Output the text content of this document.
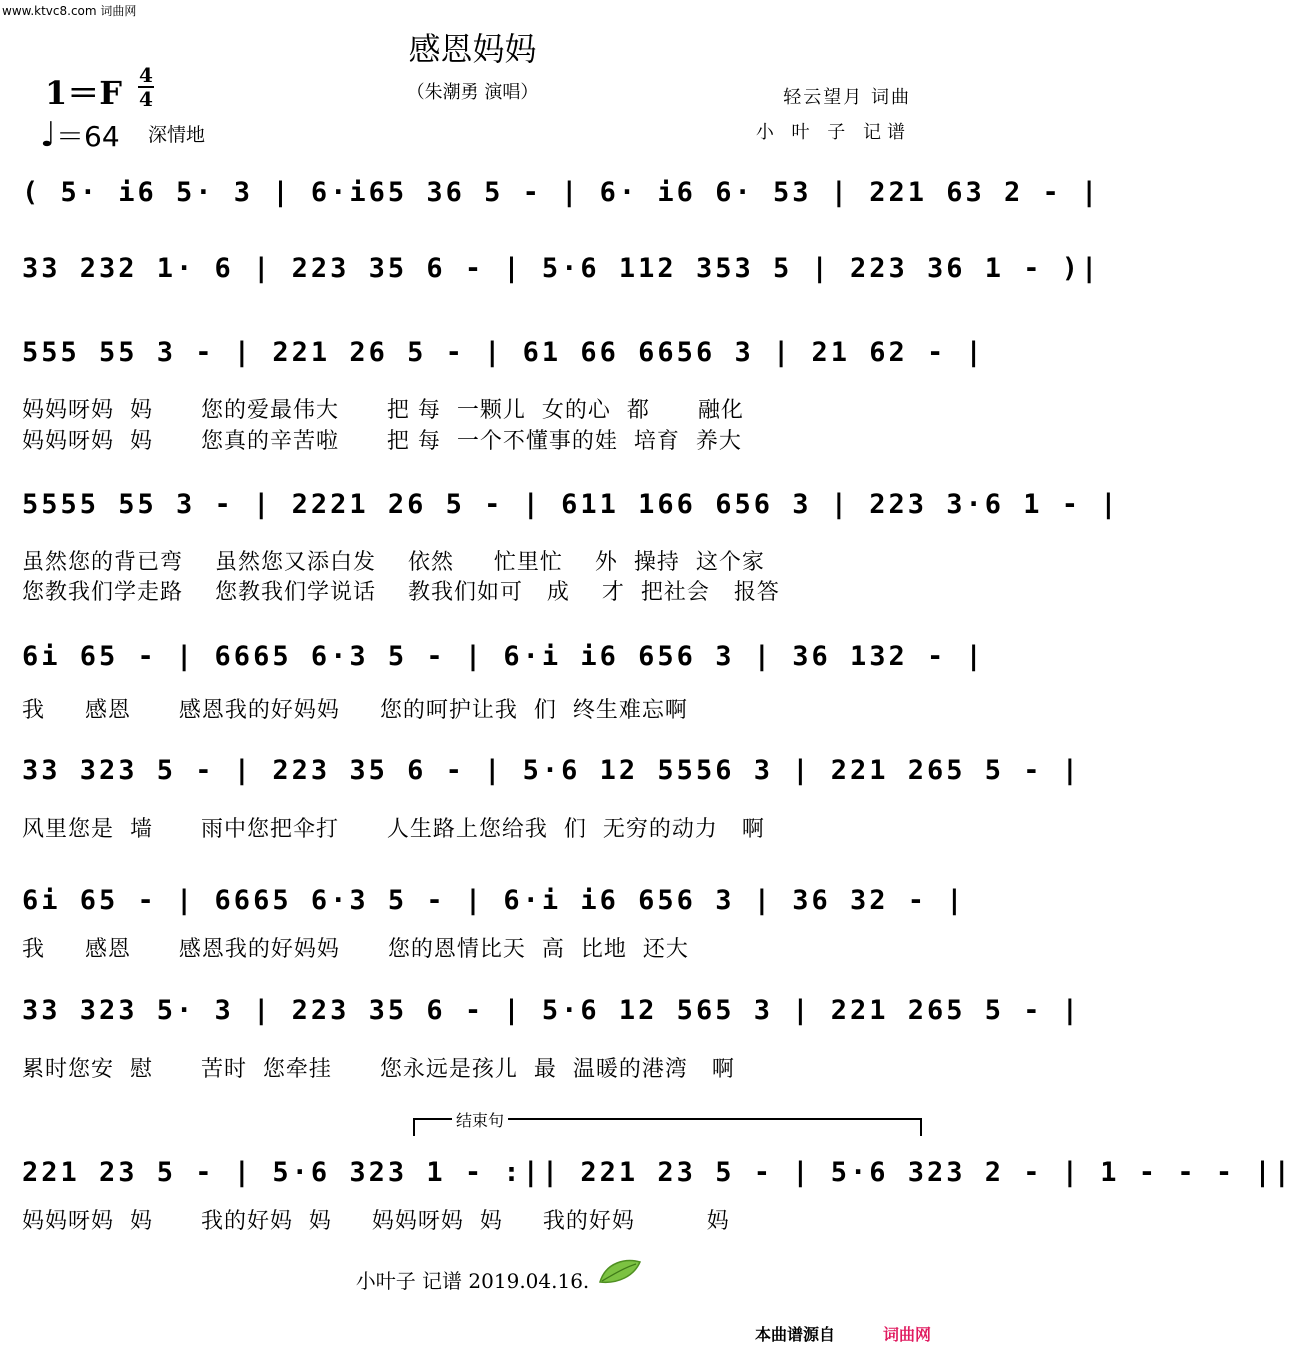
www.ktvc8.com 词曲网
感恩妈妈
（朱潮勇 演唱）
1＝F 4
4
♩＝64 深情地
轻云望月 词曲
小 叶 子 记谱
( 5· i6 5· 3 | 6·i65 36 5 - | 6· i6 6· 53 | 221 63 2 - |
33 232 1· 6 | 223 35 6 - | 5·6 112 353 5 | 223 36 1 - )|
555 55 3 - | 221 26 5 - | 61 66 6656 3 | 21 62 - |
妈妈呀妈  妈      您的爱最伟大      把 每  一颗儿  女的心  都      融化
妈妈呀妈  妈      您真的辛苦啦      把 每  一个不懂事的娃  培育  养大
5555 55 3 - | 2221 26 5 - | 611 166 656 3 | 223 3·6 1 - |
虽然您的背已弯    虽然您又添白发    依然     忙里忙    外  操持  这个家
您教我们学走路    您教我们学说话    教我们如可   成    才  把社会   报答
6i 65 - | 6665 6·3 5 - | 6·i i6 656 3 | 36 132 - |
我     感恩      感恩我的好妈妈     您的呵护让我  们  终生难忘啊
33 323 5 - | 223 35 6 - | 5·6 12 5556 3 | 221 265 5 - |
风里您是  墙      雨中您把伞打      人生路上您给我  们  无穷的动力   啊
6i 65 - | 6665 6·3 5 - | 6·i i6 656 3 | 36 32 - |
我     感恩      感恩我的好妈妈      您的恩情比天  高  比地  还大
33 323 5· 3 | 223 35 6 - | 5·6 12 565 3 | 221 265 5 - |
累时您安  慰      苦时  您牵挂      您永远是孩儿  最  温暖的港湾   啊
结束句
221 23 5 - | 5·6 323 1 - :|| 221 23 5 - | 5·6 323 2 - | 1 - - - ||
妈妈呀妈  妈      我的好妈  妈     妈妈呀妈  妈     我的好妈         妈
小叶子 记谱 2019.04.16.
本曲谱源自	词曲网
